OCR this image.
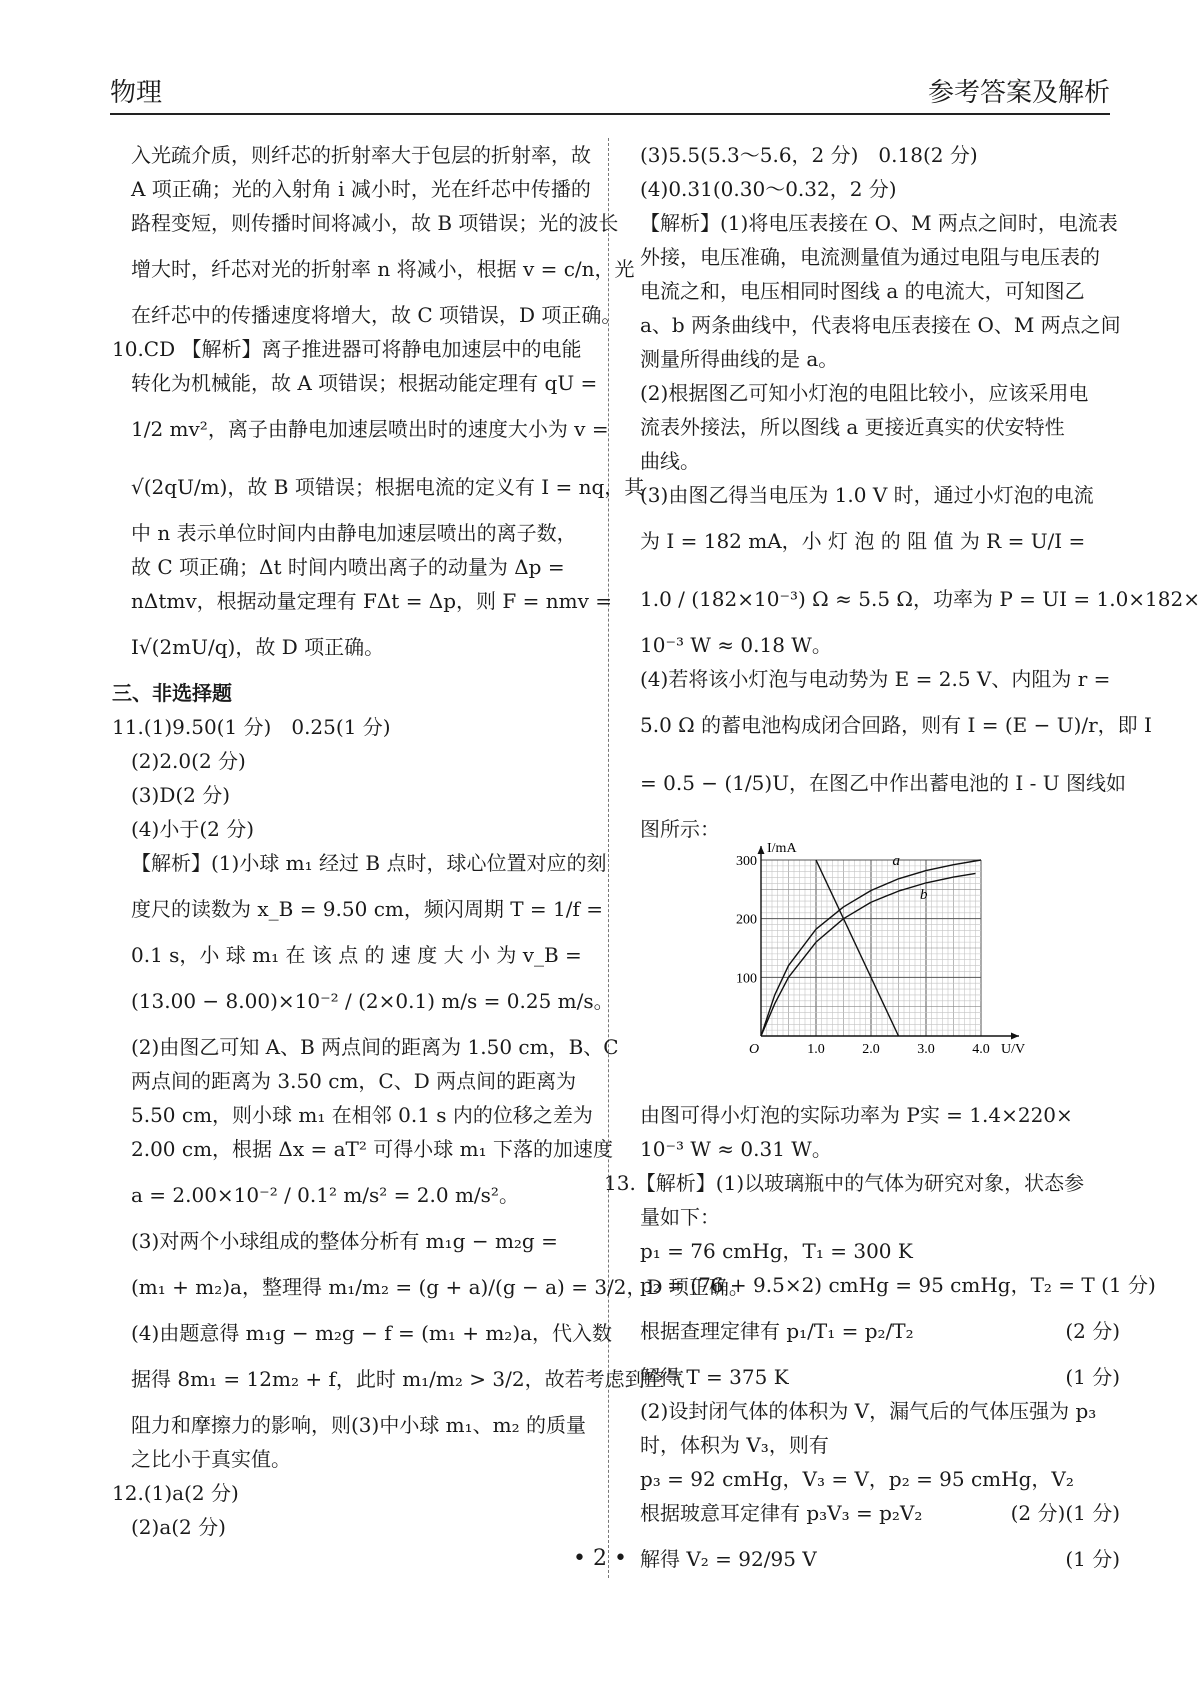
物理	参考答案及解析

入光疏介质，则纤芯的折射率大于包层的折射率，故

A 项正确；光的入射角 i 减小时，光在纤芯中传播的

路程变短，则传播时间将减小，故 B 项错误；光的波长

增大时，纤芯对光的折射率 n 将减小，根据 v = c/n，光

在纤芯中的传播速度将增大，故 C 项错误，D 项正确。

10.CD 【解析】离子推进器可将静电加速层中的电能

转化为机械能，故 A 项错误；根据动能定理有 qU =

1/2 mv²，离子由静电加速层喷出时的速度大小为 v =

√(2qU/m)，故 B 项错误；根据电流的定义有 I = nq，其

中 n 表示单位时间内由静电加速层喷出的离子数，

故 C 项正确；Δt 时间内喷出离子的动量为 Δp =

nΔtmv，根据动量定理有 FΔt = Δp，则 F = nmv =

I√(2mU/q)，故 D 项正确。

三、非选择题

11.(1)9.50(1 分)　0.25(1 分)

(2)2.0(2 分)

(3)D(2 分)

(4)小于(2 分)

【解析】(1)小球 m₁ 经过 B 点时，球心位置对应的刻

度尺的读数为 x_B = 9.50 cm，频闪周期 T = 1/f =

0.1 s，小 球 m₁ 在 该 点 的 速 度 大 小 为 v_B =

(13.00 − 8.00)×10⁻² / (2×0.1) m/s = 0.25 m/s。

(2)由图乙可知 A、B 两点间的距离为 1.50 cm，B、C

两点间的距离为 3.50 cm，C、D 两点间的距离为

5.50 cm，则小球 m₁ 在相邻 0.1 s 内的位移之差为

2.00 cm，根据 Δx = aT² 可得小球 m₁ 下落的加速度

a = 2.00×10⁻² / 0.1² m/s² = 2.0 m/s²。

(3)对两个小球组成的整体分析有 m₁g − m₂g =

(m₁ + m₂)a，整理得 m₁/m₂ = (g + a)/(g − a) = 3/2，D 项正确。

(4)由题意得 m₁g − m₂g − f = (m₁ + m₂)a，代入数

据得 8m₁ = 12m₂ + f，此时 m₁/m₂ > 3/2，故若考虑到空气

阻力和摩擦力的影响，则(3)中小球 m₁、m₂ 的质量

之比小于真实值。

12.(1)a(2 分)

(2)a(2 分)

(3)5.5(5.3～5.6，2 分)　0.18(2 分)

(4)0.31(0.30～0.32，2 分)

【解析】(1)将电压表接在 O、M 两点之间时，电流表

外接，电压准确，电流测量值为通过电阻与电压表的

电流之和，电压相同时图线 a 的电流大，可知图乙

a、b 两条曲线中，代表将电压表接在 O、M 两点之间

测量所得曲线的是 a。

(2)根据图乙可知小灯泡的电阻比较小，应该采用电

流表外接法，所以图线 a 更接近真实的伏安特性

曲线。

(3)由图乙得当电压为 1.0 V 时，通过小灯泡的电流

为 I = 182 mA，小 灯 泡 的 阻 值 为 R = U/I =

1.0 / (182×10⁻³) Ω ≈ 5.5 Ω，功率为 P = UI = 1.0×182×

10⁻³ W ≈ 0.18 W。

(4)若将该小灯泡与电动势为 E = 2.5 V、内阻为 r =

5.0 Ω 的蓄电池构成闭合回路，则有 I = (E − U)/r，即 I

= 0.5 − (1/5)U，在图乙中作出蓄电池的 I - U 图线如

图所示：

由图可得小灯泡的实际功率为 P实 = 1.4×220×

10⁻³ W ≈ 0.31 W。

13.【解析】(1)以玻璃瓶中的气体为研究对象，状态参

量如下：

p₁ = 76 cmHg，T₁ = 300 K

p₂ = (76 + 9.5×2) cmHg = 95 cmHg，T₂ = T (1 分)

根据查理定律有 p₁/T₁ = p₂/T₂	(2 分)

解得 T = 375 K	(1 分)

(2)设封闭气体的体积为 V，漏气后的气体压强为 p₃

时，体积为 V₃，则有

p₃ = 92 cmHg，V₃ = V，p₂ = 95 cmHg，V₂
(1 分)

根据玻意耳定律有 p₃V₃ = p₂V₂	(2 分)

解得 V₂ = 92/95 V	(1 分)

1.0	2.0	3.0	4.0
100
200
300
O
I/mA
U/V
a
b
• 2 •
